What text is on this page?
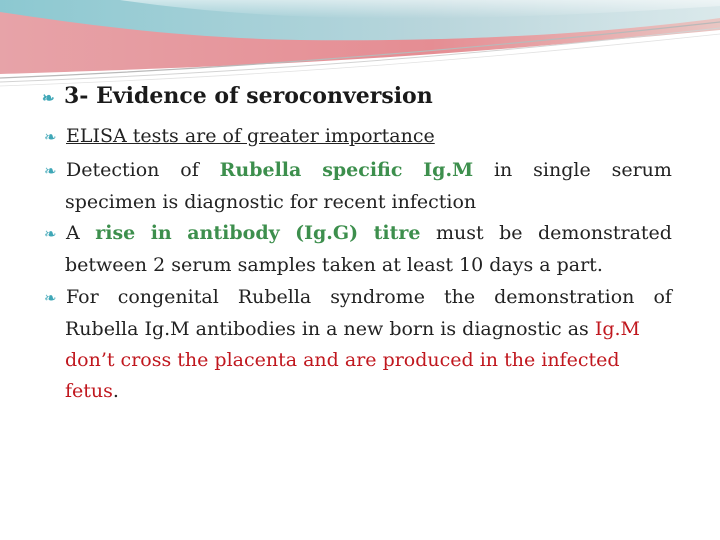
❧ 3- Evidence of seroconversion
❧ ELISA tests are of greater importance
❧ Detection of Rubella specific Ig.M in single serum
specimen is diagnostic for recent infection
❧ A rise in antibody (Ig.G) titre must be demonstrated
between 2 serum samples taken at least 10 days a part.
❧ For congenital Rubella syndrome the demonstration of
Rubella Ig.M antibodies in a new born is diagnostic as Ig.M
don’t cross the placenta and are produced in the infected
fetus.
